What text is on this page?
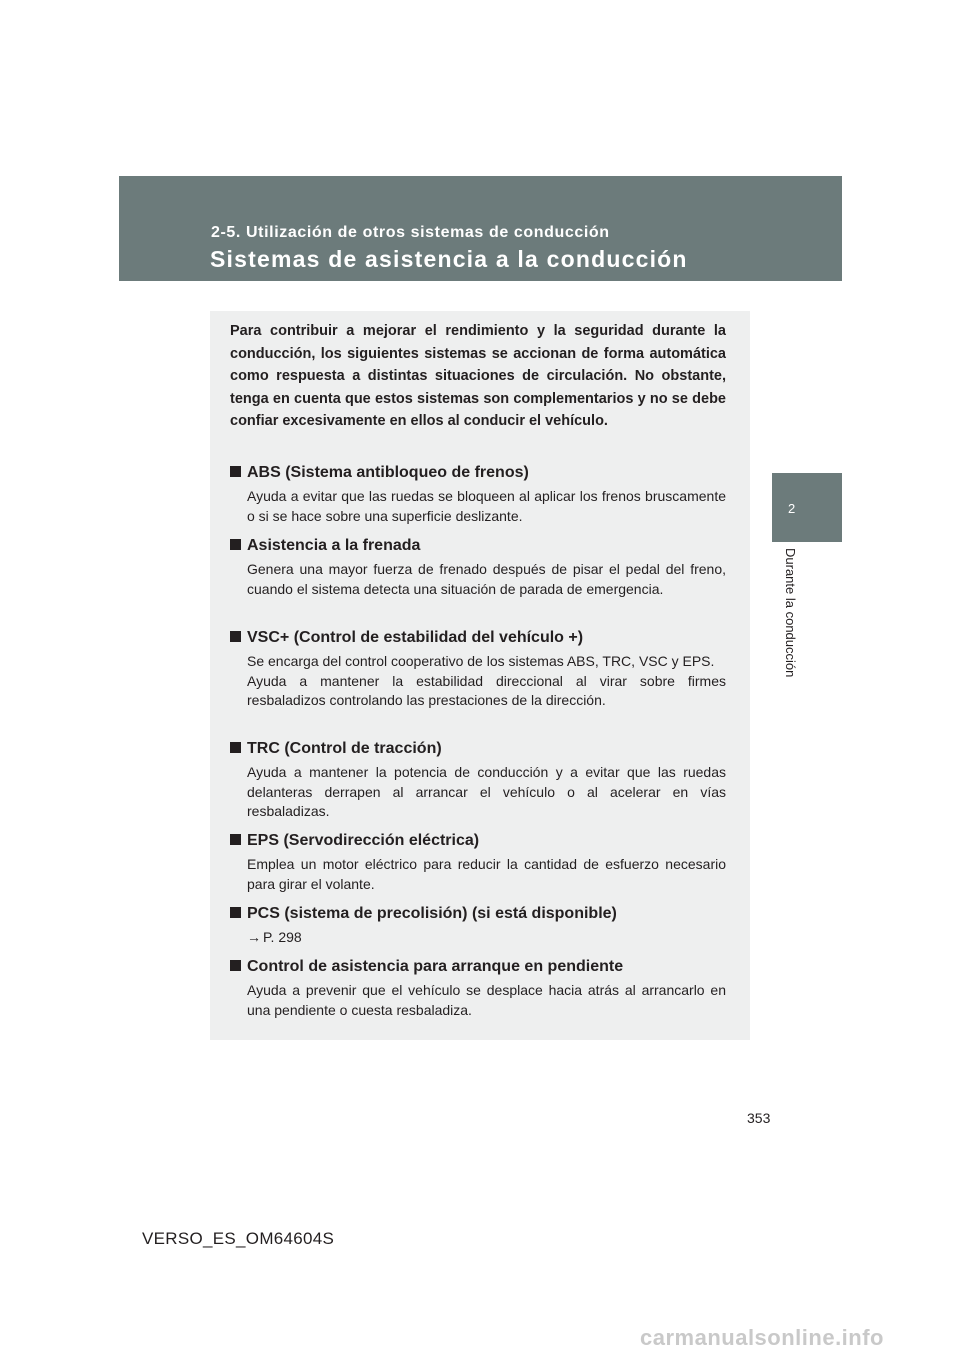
2-5. Utilización de otros sistemas de conducción
Sistemas de asistencia a la conducción
2
Durante la conducción

Para contribuir a mejorar el rendimiento y la seguridad durante la conducción, los siguientes sistemas se accionan de forma automática como respuesta a distintas situaciones de circulación. No obstante, tenga en cuenta que estos sistemas son complementarios y no se debe confiar excesivamente en ellos al conducir el vehículo.

ABS (Sistema antibloqueo de frenos)

Ayuda a evitar que las ruedas se bloqueen al aplicar los frenos bruscamente o si se hace sobre una superficie deslizante.

Asistencia a la frenada

Genera una mayor fuerza de frenado después de pisar el pedal del freno, cuando el sistema detecta una situación de parada de emergencia.

VSC+ (Control de estabilidad del vehículo +)

Se encarga del control cooperativo de los sistemas ABS, TRC, VSC y EPS.
Ayuda a mantener la estabilidad direccional al virar sobre firmes resbaladizos controlando las prestaciones de la dirección.

TRC (Control de tracción)

Ayuda a mantener la potencia de conducción y a evitar que las ruedas delanteras derrapen al arrancar el vehículo o al acelerar en vías resbaladizas.

EPS (Servodirección eléctrica)

Emplea un motor eléctrico para reducir la cantidad de esfuerzo necesario para girar el volante.

PCS (sistema de precolisión) (si está disponible)

→ P. 298

Control de asistencia para arranque en pendiente

Ayuda a prevenir que el vehículo se desplace hacia atrás al arrancarlo en una pendiente o cuesta resbaladiza.

353
VERSO_ES_OM64604S
carmanualsonline.info
